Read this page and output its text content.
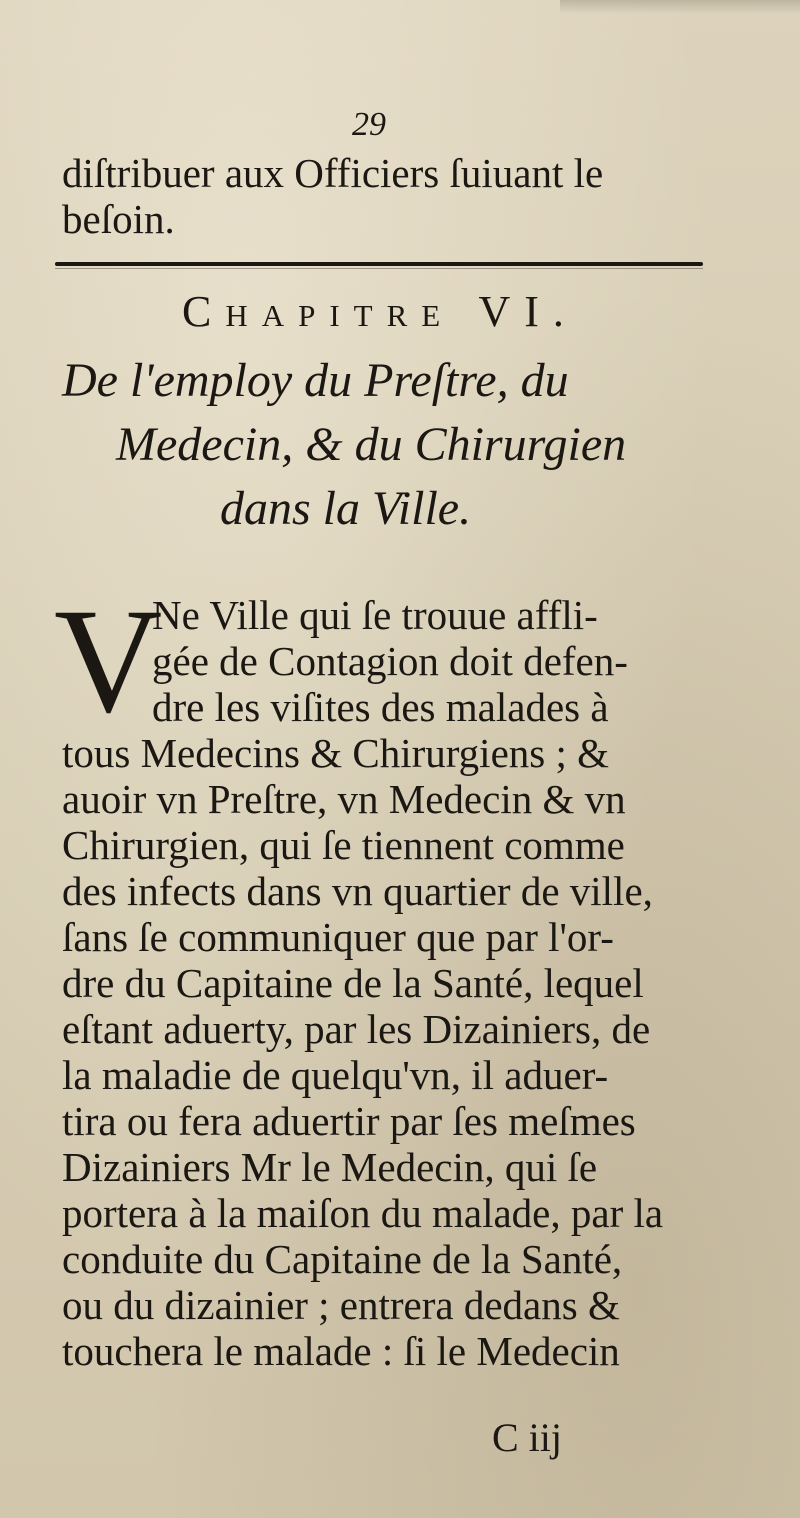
29
diſtribuer aux Officiers ſuiuant le
beſoin.
Chapitre VI.
De l'employ du Preſtre, du
Medecin, & du Chirurgien
dans la Ville.
V
Ne Ville qui ſe trouue affli-
gée de Contagion doit defen-
dre les viſites des malades à
tous Medecins & Chirurgiens ; &
auoir vn Preſtre, vn Medecin & vn
Chirurgien, qui ſe tiennent comme
des infects dans vn quartier de ville,
ſans ſe communiquer que par l'or-
dre du Capitaine de la Santé, lequel
eſtant aduerty, par les Dizainiers, de
la maladie de quelqu'vn, il aduer-
tira ou fera aduertir par ſes meſmes
Dizainiers Mr le Medecin, qui ſe
portera à la maiſon du malade, par la
conduite du Capitaine de la Santé,
ou du dizainier ; entrera dedans &
touchera le malade : ſi le Medecin
C iij
